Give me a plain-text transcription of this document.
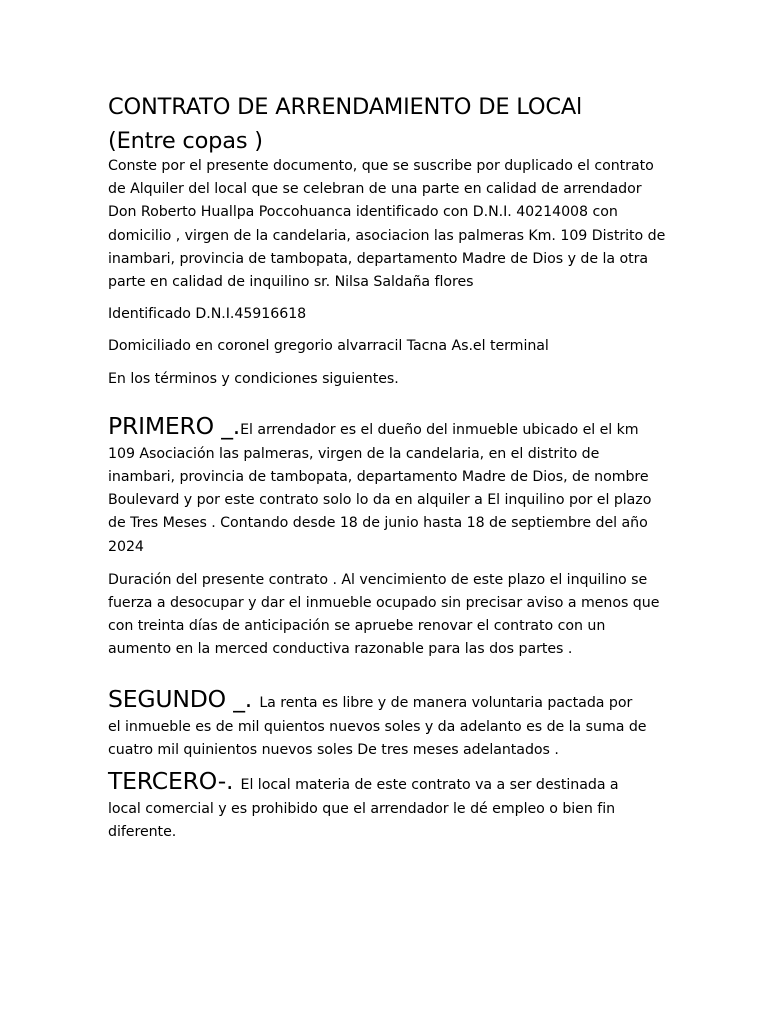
CONTRATO DE ARRENDAMIENTO DE LOCAl
(Entre copas )

Conste por el presente documento, que se suscribe por duplicado el contrato de Alquiler del local que se celebran de una parte en calidad de arrendador Don Roberto Huallpa Poccohuanca identificado con D.N.I. 40214008 con domicilio , virgen de la candelaria, asociacion las palmeras Km. 109 Distrito de inambari, provincia de tambopata, departamento Madre de Dios y de la otra parte en calidad de inquilino sr. Nilsa Saldaña flores

Identificado D.N.I.45916618

Domiciliado en coronel gregorio alvarracil Tacna As.el terminal

En los términos y condiciones siguientes.

PRIMERO _.El arrendador es el dueño del inmueble ubicado el el km
109 Asociación las palmeras, virgen de la candelaria, en el distrito de inambari, provincia de tambopata, departamento Madre de Dios, de nombre Boulevard y por este contrato solo lo da en alquiler a El inquilino por el plazo de Tres Meses . Contando desde 18 de junio hasta 18 de septiembre del año 2024

Duración del presente contrato . Al vencimiento de este plazo el inquilino se fuerza a desocupar y dar el inmueble ocupado sin precisar aviso a menos que con treinta días de anticipación se apruebe renovar el contrato con un aumento en la merced conductiva razonable para las dos partes .

SEGUNDO _. La renta es libre y de manera voluntaria pactada por
el inmueble es de mil quientos nuevos soles y da adelanto es de la suma de cuatro mil quinientos nuevos soles De tres meses adelantados .
TERCERO-. El local materia de este contrato va a ser destinada a
local comercial y es prohibido que el arrendador le dé empleo o bien fin diferente.
